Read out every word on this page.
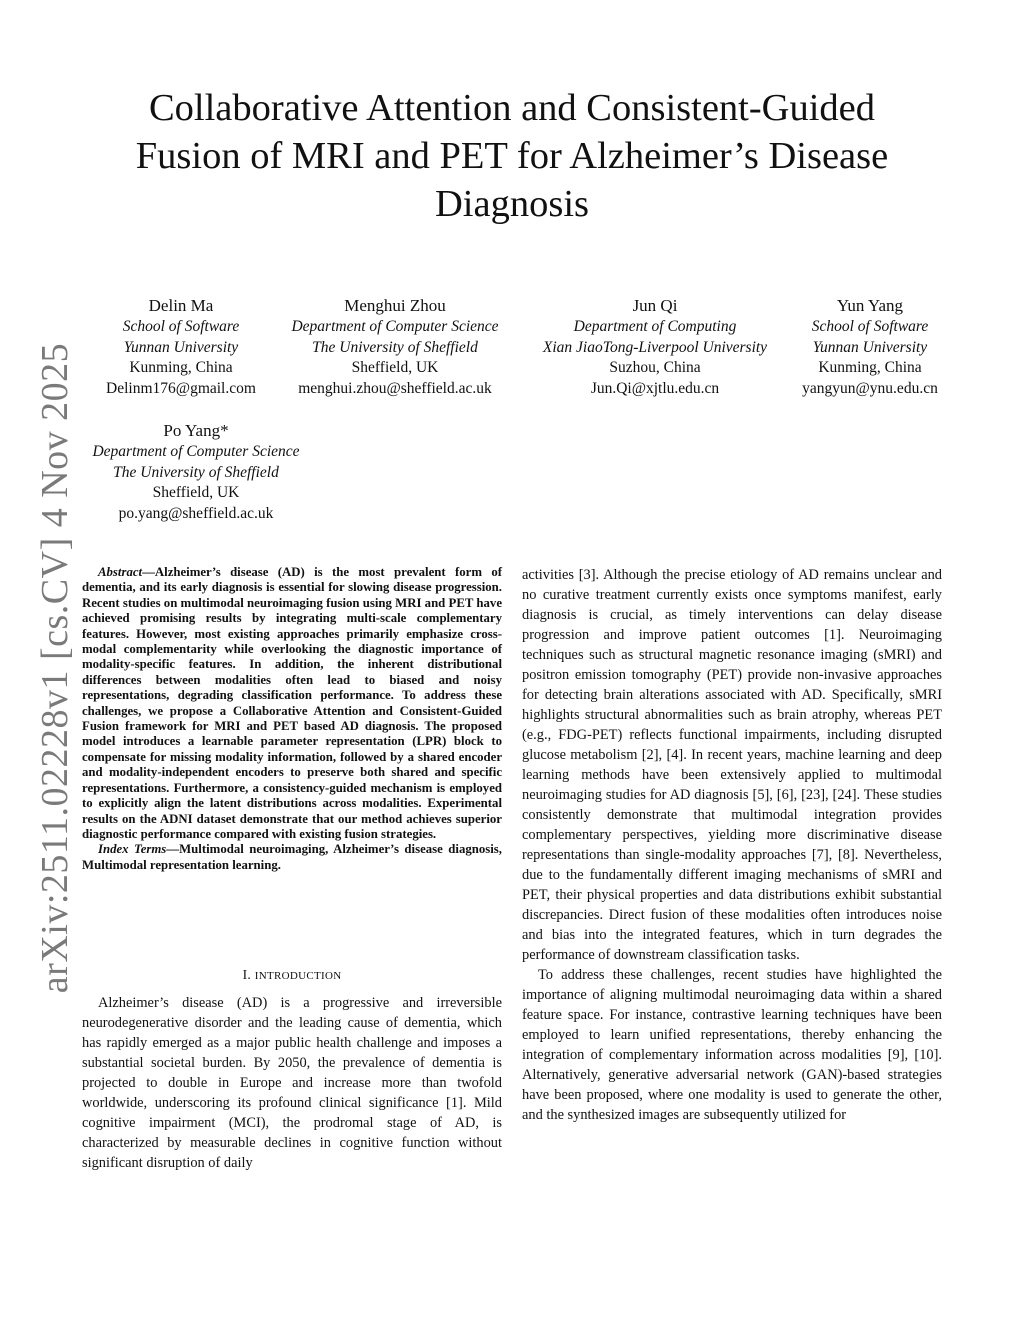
arXiv:2511.02228v1 [cs.CV] 4 Nov 2025
Collaborative Attention and Consistent-Guided
Fusion of MRI and PET for Alzheimer’s Disease
Diagnosis
Delin Ma
School of Software
Yunnan University
Kunming, China
Delinm176@gmail.com
Menghui Zhou
Department of Computer Science
The University of Sheffield
Sheffield, UK
menghui.zhou@sheffield.ac.uk
Jun Qi
Department of Computing
Xian JiaoTong-Liverpool University
Suzhou, China
Jun.Qi@xjtlu.edu.cn
Yun Yang
School of Software
Yunnan University
Kunming, China
yangyun@ynu.edu.cn
Po Yang*
Department of Computer Science
The University of Sheffield
Sheffield, UK
po.yang@sheffield.ac.uk

Abstract—Alzheimer’s disease (AD) is the most prevalent form of dementia, and its early diagnosis is essential for slowing disease progression. Recent studies on multimodal neuroimaging fusion using MRI and PET have achieved promising results by integrating multi-scale complementary features. However, most existing approaches primarily emphasize cross-modal complementarity while overlooking the diagnostic importance of modality-specific features. In addition, the inherent distributional differences between modalities often lead to biased and noisy representations, degrading classification performance. To address these challenges, we propose a Collaborative Attention and Consistent-Guided Fusion framework for MRI and PET based AD diagnosis. The proposed model introduces a learnable parameter representation (LPR) block to compensate for missing modality information, followed by a shared encoder and modality-independent encoders to preserve both shared and specific representations. Furthermore, a consistency-guided mechanism is employed to explicitly align the latent distributions across modalities. Experimental results on the ADNI dataset demonstrate that our method achieves superior diagnostic performance compared with existing fusion strategies.

Index Terms—Multimodal neuroimaging, Alzheimer’s disease diagnosis, Multimodal representation learning.

I. INTRODUCTION

Alzheimer’s disease (AD) is a progressive and irreversible neurodegenerative disorder and the leading cause of dementia, which has rapidly emerged as a major public health challenge and imposes a substantial societal burden. By 2050, the prevalence of dementia is projected to double in Europe and increase more than twofold worldwide, underscoring its profound clinical significance [1]. Mild cognitive impairment (MCI), the prodromal stage of AD, is characterized by measurable declines in cognitive function without significant disruption of daily

activities [3]. Although the precise etiology of AD remains unclear and no curative treatment currently exists once symptoms manifest, early diagnosis is crucial, as timely interventions can delay disease progression and improve patient outcomes [1]. Neuroimaging techniques such as structural magnetic resonance imaging (sMRI) and positron emission tomography (PET) provide non-invasive approaches for detecting brain alterations associated with AD. Specifically, sMRI highlights structural abnormalities such as brain atrophy, whereas PET (e.g., FDG-PET) reflects functional impairments, including disrupted glucose metabolism [2], [4]. In recent years, machine learning and deep learning methods have been extensively applied to multimodal neuroimaging studies for AD diagnosis [5], [6], [23], [24]. These studies consistently demonstrate that multimodal integration provides complementary perspectives, yielding more discriminative disease representations than single-modality approaches [7], [8]. Nevertheless, due to the fundamentally different imaging mechanisms of sMRI and PET, their physical properties and data distributions exhibit substantial discrepancies. Direct fusion of these modalities often introduces noise and bias into the integrated features, which in turn degrades the performance of downstream classification tasks.

To address these challenges, recent studies have highlighted the importance of aligning multimodal neuroimaging data within a shared feature space. For instance, contrastive learning techniques have been employed to learn unified representations, thereby enhancing the integration of complementary information across modalities [9], [10]. Alternatively, generative adversarial network (GAN)-based strategies have been proposed, where one modality is used to generate the other, and the synthesized images are subsequently utilized for
